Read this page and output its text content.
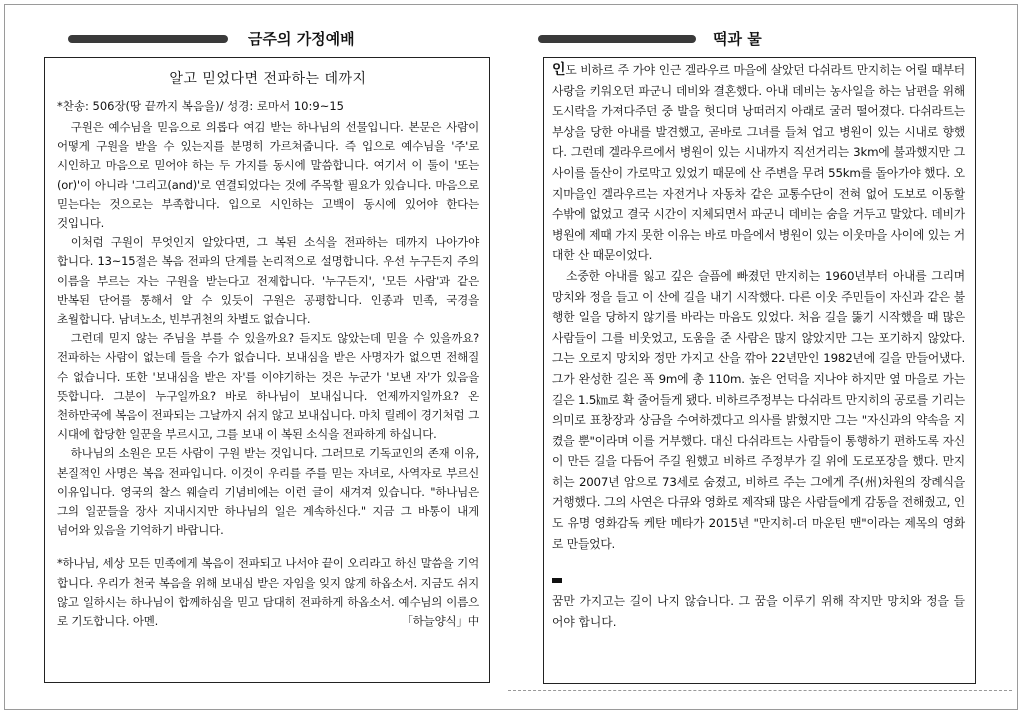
금주의 가정예배	떡과 물
알고 믿었다면 전파하는 데까지

*찬송: 506장(땅 끝까지 복음을)/ 성경: 로마서 10:9~15

구원은 예수님을 믿음으로 의롭다 여김 받는 하나님의 선물입니다. 본문은 사람이 어떻게 구원을 받을 수 있는지를 분명히 가르쳐줍니다. 즉 입으로 예수님을 '주'로 시인하고 마음으로 믿어야 하는 두 가지를 동시에 말씀합니다. 여기서 이 둘이 '또는(or)'이 아니라 '그리고(and)'로 연결되었다는 것에 주목할 필요가 있습니다. 마음으로 믿는다는 것으로는 부족합니다. 입으로 시인하는 고백이 동시에 있어야 한다는 것입니다.

이처럼 구원이 무엇인지 알았다면, 그 복된 소식을 전파하는 데까지 나아가야 합니다. 13~15절은 복음 전파의 단계를 논리적으로 설명합니다. 우선 누구든지 주의 이름을 부르는 자는 구원을 받는다고 전제합니다. '누구든지', '모든 사람'과 같은 반복된 단어를 통해서 알 수 있듯이 구원은 공평합니다. 인종과 민족, 국경을 초월합니다. 남녀노소, 빈부귀천의 차별도 없습니다.

그런데 믿지 않는 주님을 부를 수 있을까요? 듣지도 않았는데 믿을 수 있을까요? 전파하는 사람이 없는데 들을 수가 없습니다. 보내심을 받은 사명자가 없으면 전해질 수 없습니다. 또한 '보내심을 받은 자'를 이야기하는 것은 누군가 '보낸 자'가 있음을 뜻합니다. 그분이 누구일까요? 바로 하나님이 보내십니다. 언제까지일까요? 온 천하만국에 복음이 전파되는 그날까지 쉬지 않고 보내십니다. 마치 릴레이 경기처럼 그 시대에 합당한 일꾼을 부르시고, 그를 보내 이 복된 소식을 전파하게 하십니다.

하나님의 소원은 모든 사람이 구원 받는 것입니다. 그러므로 기독교인의 존재 이유, 본질적인 사명은 복음 전파입니다. 이것이 우리를 주를 믿는 자녀로, 사역자로 부르신 이유입니다. 영국의 찰스 웨슬리 기념비에는 이런 글이 새겨져 있습니다. "하나님은 그의 일꾼들을 장사 지내시지만 하나님의 일은 계속하신다." 지금 그 바통이 내게 넘어와 있음을 기억하기 바랍니다.

*하나님, 세상 모든 민족에게 복음이 전파되고 나서야 끝이 오리라고 하신 말씀을 기억합니다. 우리가 천국 복음을 위해 보내심 받은 자임을 잊지 않게 하옵소서. 지금도 쉬지 않고 일하시는 하나님이 합께하심을 믿고 담대히 전파하게 하옵소서. 예수님의 이름으로 기도합니다. 아멘.	「하늘양식」中

인도 비하르 주 가야 인근 겔라우르 마을에 살았던 다쉬라트 만지히는 어릴 때부터 사랑을 키워오던 파군니 데비와 결혼했다. 아내 데비는 농사일을 하는 남편을 위해 도시락을 가져다주던 중 발을 헛디뎌 낭떠러지 아래로 굴러 떨어졌다. 다쉬라트는 부상을 당한 아내를 발견했고, 곧바로 그녀를 들쳐 업고 병원이 있는 시내로 향했다. 그런데 겔라우르에서 병원이 있는 시내까지 직선거리는 3km에 불과했지만 그 사이를 돌산이 가로막고 있었기 때문에 산 주변을 무려 55km를 돌아가야 했다. 오지마을인 겔라우르는 자전거나 자동차 같은 교통수단이 전혀 없어 도보로 이동할 수밖에 없었고 결국 시간이 지체되면서 파군니 데비는 숨을 거두고 말았다. 데비가 병원에 제때 가지 못한 이유는 바로 마을에서 병원이 있는 이웃마을 사이에 있는 거대한 산 때문이었다.

소중한 아내를 잃고 깊은 슬픔에 빠졌던 만지히는 1960년부터 아내를 그리며 망치와 정을 들고 이 산에 길을 내기 시작했다. 다른 이웃 주민들이 자신과 같은 불행한 일을 당하지 않기를 바라는 마음도 있었다. 처음 길을 뚫기 시작했을 때 많은 사람들이 그를 비웃었고, 도움을 준 사람은 많지 않았지만 그는 포기하지 않았다. 그는 오로지 망치와 정만 가지고 산을 깎아 22년만인 1982년에 길을 만들어냈다. 그가 완성한 길은 폭 9m에 총 110m. 높은 언덕을 지나야 하지만 옆 마을로 가는 길은 1.5㎞로 확 줄어들게 됐다. 비하르주정부는 다쉬라트 만지히의 공로를 기리는 의미로 표창장과 상금을 수여하겠다고 의사를 밝혔지만 그는 "자신과의 약속을 지켰을 뿐"이라며 이를 거부했다. 대신 다쉬라트는 사람들이 통행하기 편하도록 자신이 만든 길을 다듬어 주길 원했고 비하르 주정부가 길 위에 도로포장을 했다. 만지히는 2007년 암으로 73세로 숨졌고, 비하르 주는 그에게 주(州)차원의 장례식을 거행했다. 그의 사연은 다큐와 영화로 제작돼 많은 사람들에게 감동을 전해줬고, 인도 유명 영화감독 케탄 메타가 2015년 "만지히-더 마운틴 맨"이라는 제목의 영화로 만들었다.

꿈만 가지고는 길이 나지 않습니다. 그 꿈을 이루기 위해 작지만 망치와 정을 들어야 합니다.
